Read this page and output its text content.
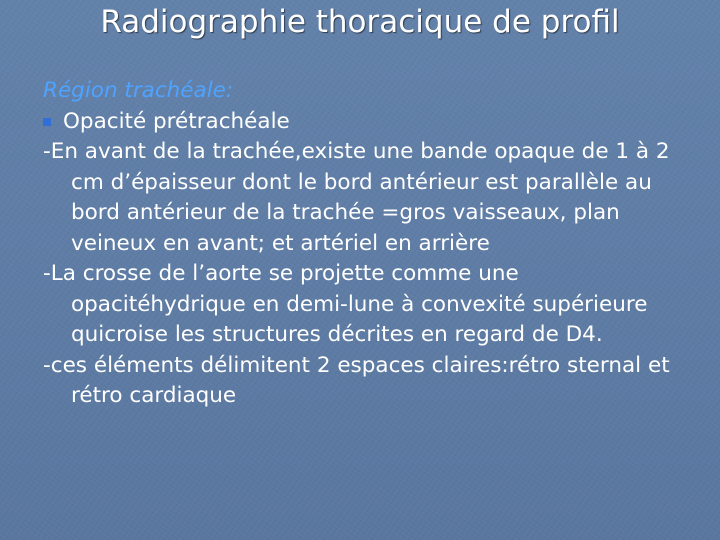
Radiographie thoracique de profil

Région trachéale:

Opacité prétrachéale

-En avant de la trachée,existe une bande opaque de 1 à 2 cm d’épaisseur dont le bord antérieur est parallèle au bord antérieur de la trachée =gros vaisseaux, plan veineux en avant; et artériel en arrière

-La crosse de l’aorte se projette comme une opacitéhydrique en demi-lune à convexité supérieure quicroise les structures décrites en regard de D4.

-ces éléments délimitent 2 espaces claires:rétro sternal et rétro cardiaque
